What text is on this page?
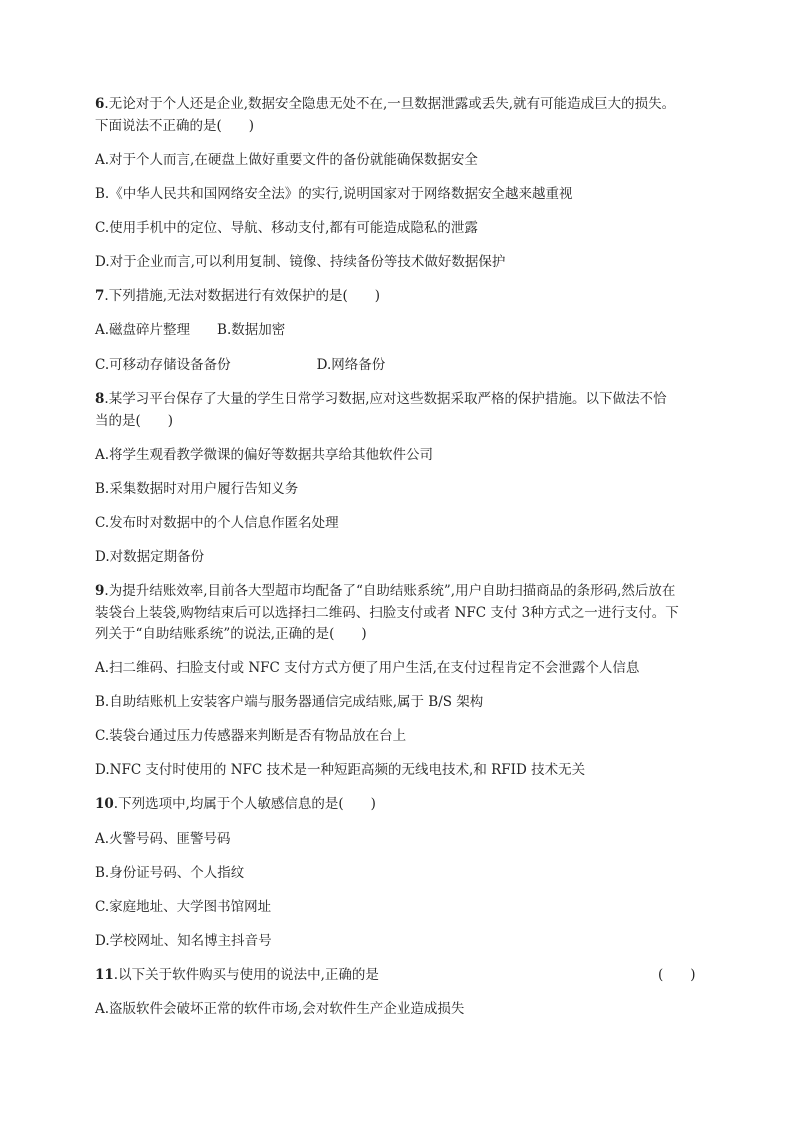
6.无论对于个人还是企业,数据安全隐患无处不在,一旦数据泄露或丢失,就有可能造成巨大的损失。
下面说法不正确的是(　　)
A.对于个人而言,在硬盘上做好重要文件的备份就能确保数据安全
B.《中华人民共和国网络安全法》的实行,说明国家对于网络数据安全越来越重视
C.使用手机中的定位、导航、移动支付,都有可能造成隐私的泄露
D.对于企业而言,可以利用复制、镜像、持续备份等技术做好数据保护
7.下列措施,无法对数据进行有效保护的是(　　)
A.磁盘碎片整理 B.数据加密
C.可移动存储设备备份	D.网络备份
8.某学习平台保存了大量的学生日常学习数据,应对这些数据采取严格的保护措施。以下做法不恰
当的是(　　)
A.将学生观看教学微课的偏好等数据共享给其他软件公司
B.采集数据时对用户履行告知义务
C.发布时对数据中的个人信息作匿名处理
D.对数据定期备份
9.为提升结账效率,目前各大型超市均配备了“自助结账系统”,用户自助扫描商品的条形码,然后放在
装袋台上装袋,购物结束后可以选择扫二维码、扫脸支付或者 NFC 支付 3种方式之一进行支付。下
列关于“自助结账系统”的说法,正确的是(　　)
A.扫二维码、扫脸支付或 NFC 支付方式方便了用户生活,在支付过程肯定不会泄露个人信息
B.自助结账机上安装客户端与服务器通信完成结账,属于 B/S 架构
C.装袋台通过压力传感器来判断是否有物品放在台上
D.NFC 支付时使用的 NFC 技术是一种短距高频的无线电技术,和 RFID 技术无关
10.下列选项中,均属于个人敏感信息的是(　　)
A.火警号码、匪警号码
B.身份证号码、个人指纹
C.家庭地址、大学图书馆网址
D.学校网址、知名博主抖音号
11.以下关于软件购买与使用的说法中,正确的是	(　　)
A.盗版软件会破坏正常的软件市场,会对软件生产企业造成损失
